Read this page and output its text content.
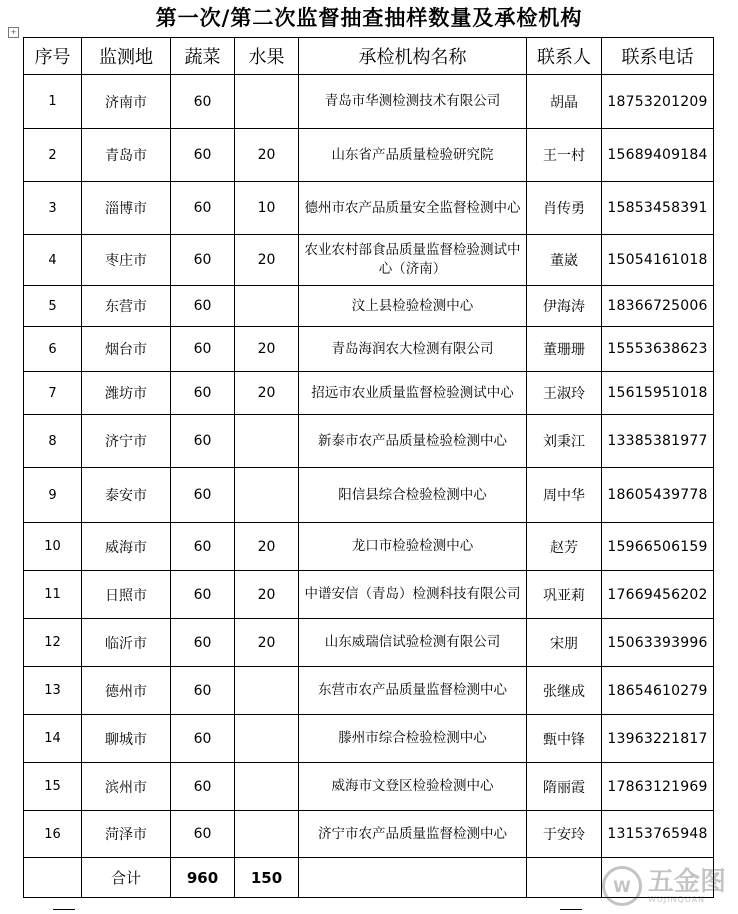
第一次/第二次监督抽查抽样数量及承检机构
+
序号	监测地	蔬菜	水果	承检机构名称	联系人	联系电话
1	济南市	60		青岛市华测检测技术有限公司	胡晶	18753201209
2	青岛市	60	20	山东省产品质量检验研究院	王一村	15689409184
3	淄博市	60	10	德州市农产品质量安全监督检测中心	肖传勇	15853458391
4	枣庄市	60	20	农业农村部食品质量监督检验测试中心（济南）	董崴	15054161018
5	东营市	60		汶上县检验检测中心	伊海涛	18366725006
6	烟台市	60	20	青岛海润农大检测有限公司	董珊珊	15553638623
7	潍坊市	60	20	招远市农业质量监督检验测试中心	王淑玲	15615951018
8	济宁市	60		新泰市农产品质量检验检测中心	刘秉江	13385381977
9	泰安市	60		阳信县综合检验检测中心	周中华	18605439778
10	威海市	60	20	龙口市检验检测中心	赵芳	15966506159
11	日照市	60	20	中谱安信（青岛）检测科技有限公司	巩亚莉	17669456202
12	临沂市	60	20	山东威瑞信试验检测有限公司	宋朋	15063393996
13	德州市	60		东营市农产品质量监督检测中心	张继成	18654610279
14	聊城市	60		滕州市综合检验检测中心	甄中锋	13963221817
15	滨州市	60		威海市文登区检验检测中心	隋丽霞	17863121969
16	菏泽市	60		济宁市农产品质量监督检测中心	于安玲	13153765948
	合计	960	150				W 五金图
WUJINQUAN
